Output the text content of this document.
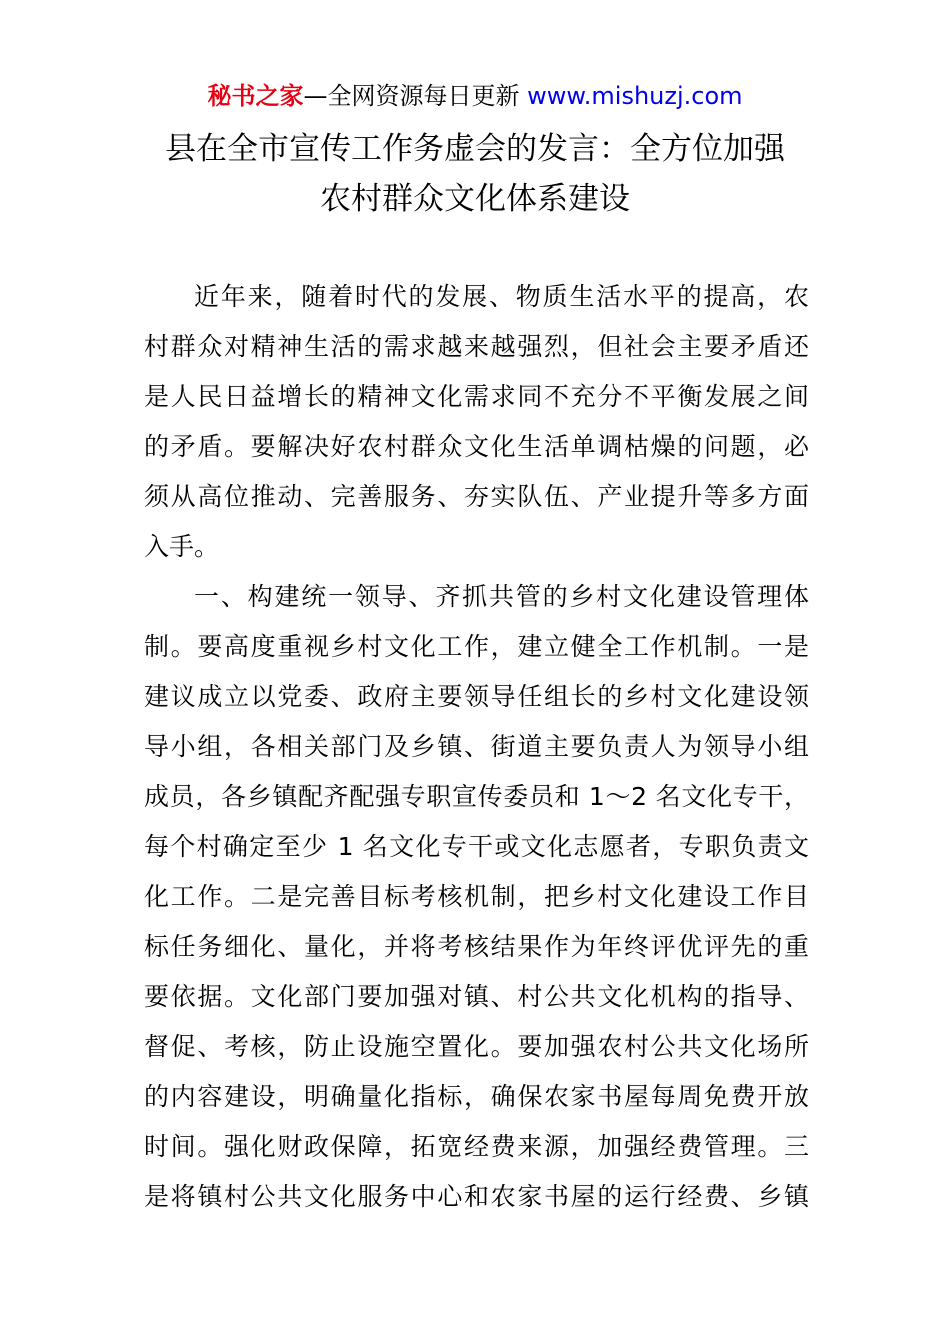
秘书之家—全网资源每日更新 www.mishuzj.com
县在全市宣传工作务虚会的发言：全方位加强
农村群众文化体系建设
近年来，随着时代的发展、物质生活水平的提高，农
村群众对精神生活的需求越来越强烈，但社会主要矛盾还
是人民日益增长的精神文化需求同不充分不平衡发展之间
的矛盾。要解决好农村群众文化生活单调枯燥的问题，必
须从高位推动、完善服务、夯实队伍、产业提升等多方面
入手。
一、构建统一领导、齐抓共管的乡村文化建设管理体
制。要高度重视乡村文化工作，建立健全工作机制。一是
建议成立以党委、政府主要领导任组长的乡村文化建设领
导小组，各相关部门及乡镇、街道主要负责人为领导小组
成员，各乡镇配齐配强专职宣传委员和 1～2 名文化专干，
每个村确定至少 1 名文化专干或文化志愿者，专职负责文
化工作。二是完善目标考核机制，把乡村文化建设工作目
标任务细化、量化，并将考核结果作为年终评优评先的重
要依据。文化部门要加强对镇、村公共文化机构的指导、
督促、考核，防止设施空置化。要加强农村公共文化场所
的内容建设，明确量化指标，确保农家书屋每周免费开放
时间。强化财政保障，拓宽经费来源，加强经费管理。三
是将镇村公共文化服务中心和农家书屋的运行经费、乡镇
